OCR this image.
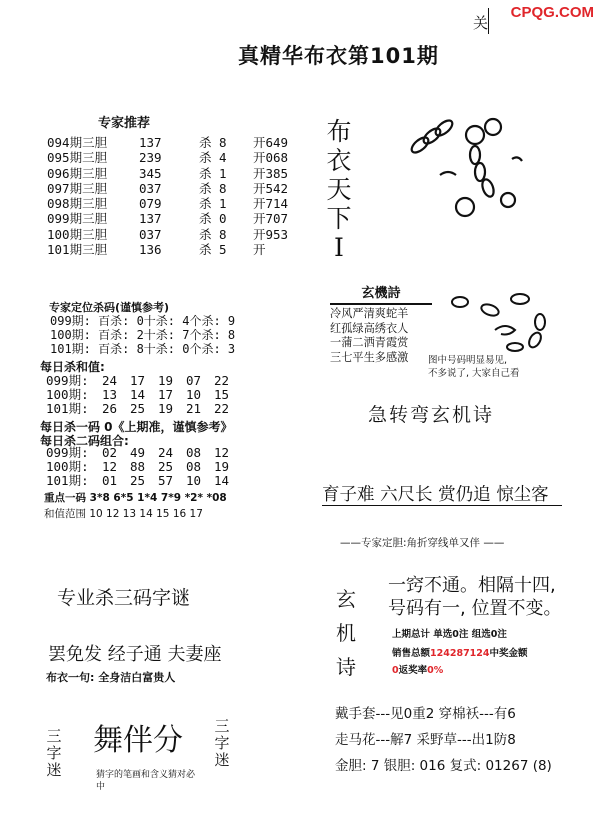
CPQG.COM
关
真精华布衣第101期
专家推荐
094期三胆	137	杀 8 开649
095期三胆	239	杀 4 开068
096期三胆	345	杀 1 开385
097期三胆	037	杀 8 开542
098期三胆	079	杀 1 开714
099期三胆	137	杀 0 开707
100期三胆	037	杀 8 开953
101期三胆	136	杀 5 开
专家定位杀码(谨慎参考)
099期: 百杀: 0十杀: 4个杀: 9
100期: 百杀: 2十杀: 7个杀: 8
101期: 百杀: 8十杀: 0个杀: 3
每日杀和值:
099期: 24 17 19 07 22
100期: 13 14 17 10 15
101期: 26 25 19 21 22
每日杀一码 0《上期准，谨慎参考》
每日杀二码组合:
099期: 02 49 24 08 12
100期: 12 88 25 08 19
101期: 01 25 57 10 14
重点一码 3*8 6*5 1*4 7*9 *2* *08
和值范围 10 12 13 14 15 16 17
专业杀三码字谜
罢免发 经子通 夫妻座
布衣一句: 全身洁白富贵人
三字迷
三字迷
舞伴分
猜字的笔画和含义猜对必中
布衣天下I
玄機詩
冷风严清爽蛇羊
红孤绿高绣衣人
一蒲二洒青霞赏
三七平生多感激	图中号码明显易见,
不多说了, 大家自己看
急转弯玄机诗
育子难 六尺长 赏仍追 惊尘客
——专家定胆:角折穿线单又伴 ——
玄机诗
一窍不通。相隔十四,
号码有一, 位置不变。
上期总计 单选0注 组选0注
销售总额124287124中奖金额
0返奖率0%
戴手套---见0重2 穿棉袄---有6
走马花---解7 采野草---出1防8
金胆: 7 银胆: 016 复式: 01267 (8)
